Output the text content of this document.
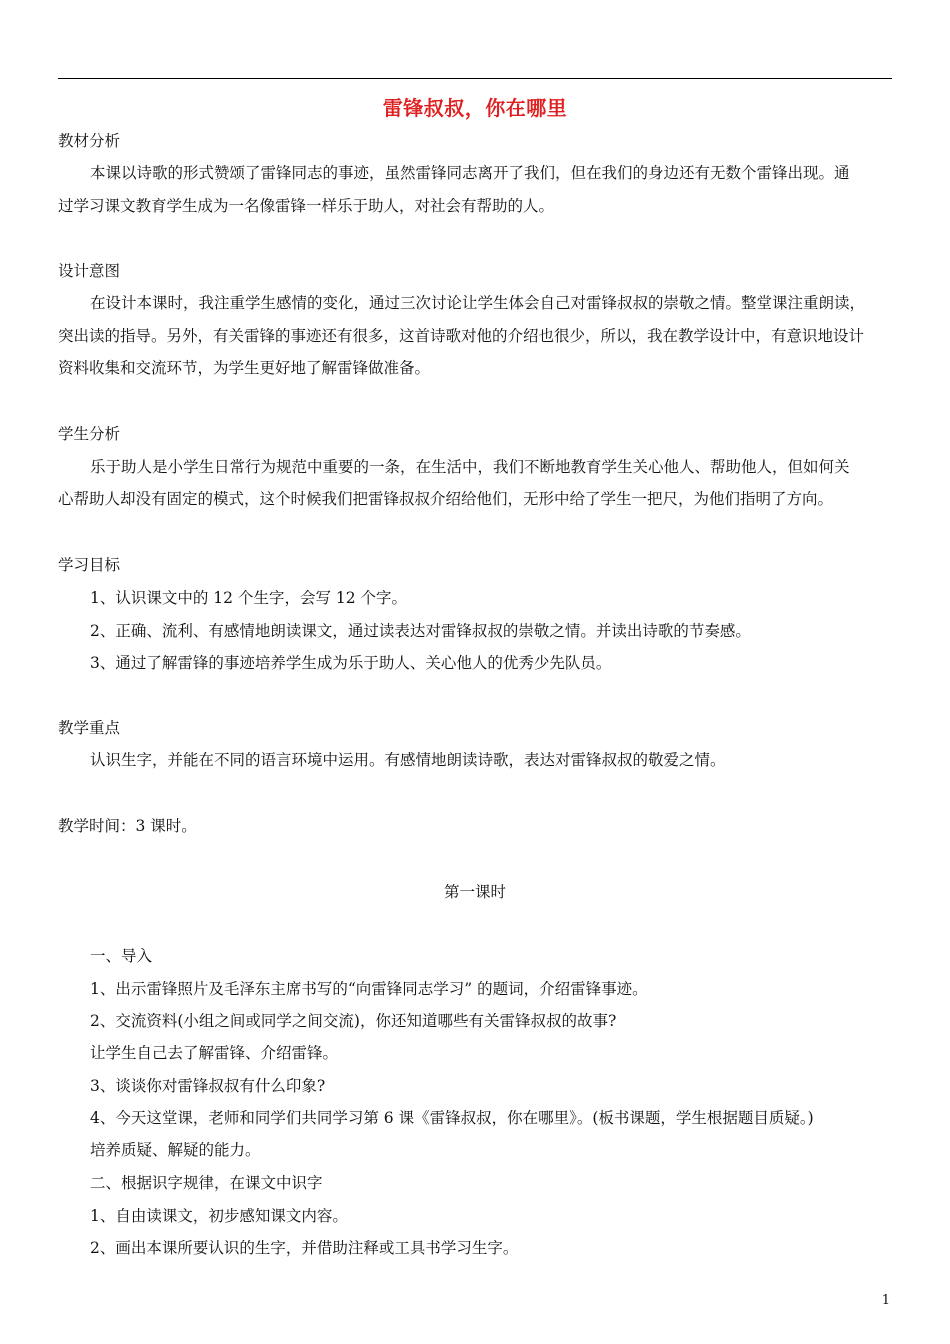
雷锋叔叔，你在哪里
教材分析
本课以诗歌的形式赞颂了雷锋同志的事迹，虽然雷锋同志离开了我们，但在我们的身边还有无数个雷锋出现。通
过学习课文教育学生成为一名像雷锋一样乐于助人，对社会有帮助的人。
设计意图
在设计本课时，我注重学生感情的变化，通过三次讨论让学生体会自己对雷锋叔叔的崇敬之情。整堂课注重朗读，
突出读的指导。另外，有关雷锋的事迹还有很多，这首诗歌对他的介绍也很少，所以，我在教学设计中，有意识地设计
资料收集和交流环节，为学生更好地了解雷锋做准备。
学生分析
乐于助人是小学生日常行为规范中重要的一条，在生活中，我们不断地教育学生关心他人、帮助他人，但如何关
心帮助人却没有固定的模式，这个时候我们把雷锋叔叔介绍给他们，无形中给了学生一把尺，为他们指明了方向。
学习目标
1、认识课文中的 12 个生字，会写 12 个字。
2、正确、流利、有感情地朗读课文，通过读表达对雷锋叔叔的崇敬之情。并读出诗歌的节奏感。
3、通过了解雷锋的事迹培养学生成为乐于助人、关心他人的优秀少先队员。
教学重点
认识生字，并能在不同的语言环境中运用。有感情地朗读诗歌，表达对雷锋叔叔的敬爱之情。
教学时间：3 课时。
第一课时
一、导入
1、出示雷锋照片及毛泽东主席书写的“向雷锋同志学习” 的题词，介绍雷锋事迹。
2、交流资料(小组之间或同学之间交流)，你还知道哪些有关雷锋叔叔的故事?
让学生自己去了解雷锋、介绍雷锋。
3、谈谈你对雷锋叔叔有什么印象?
4、今天这堂课，老师和同学们共同学习第 6 课《雷锋叔叔，你在哪里》。(板书课题，学生根据题目质疑。)
培养质疑、解疑的能力。
二、根据识字规律，在课文中识字
1、自由读课文，初步感知课文内容。
2、画出本课所要认识的生字，并借助注释或工具书学习生字。
1
